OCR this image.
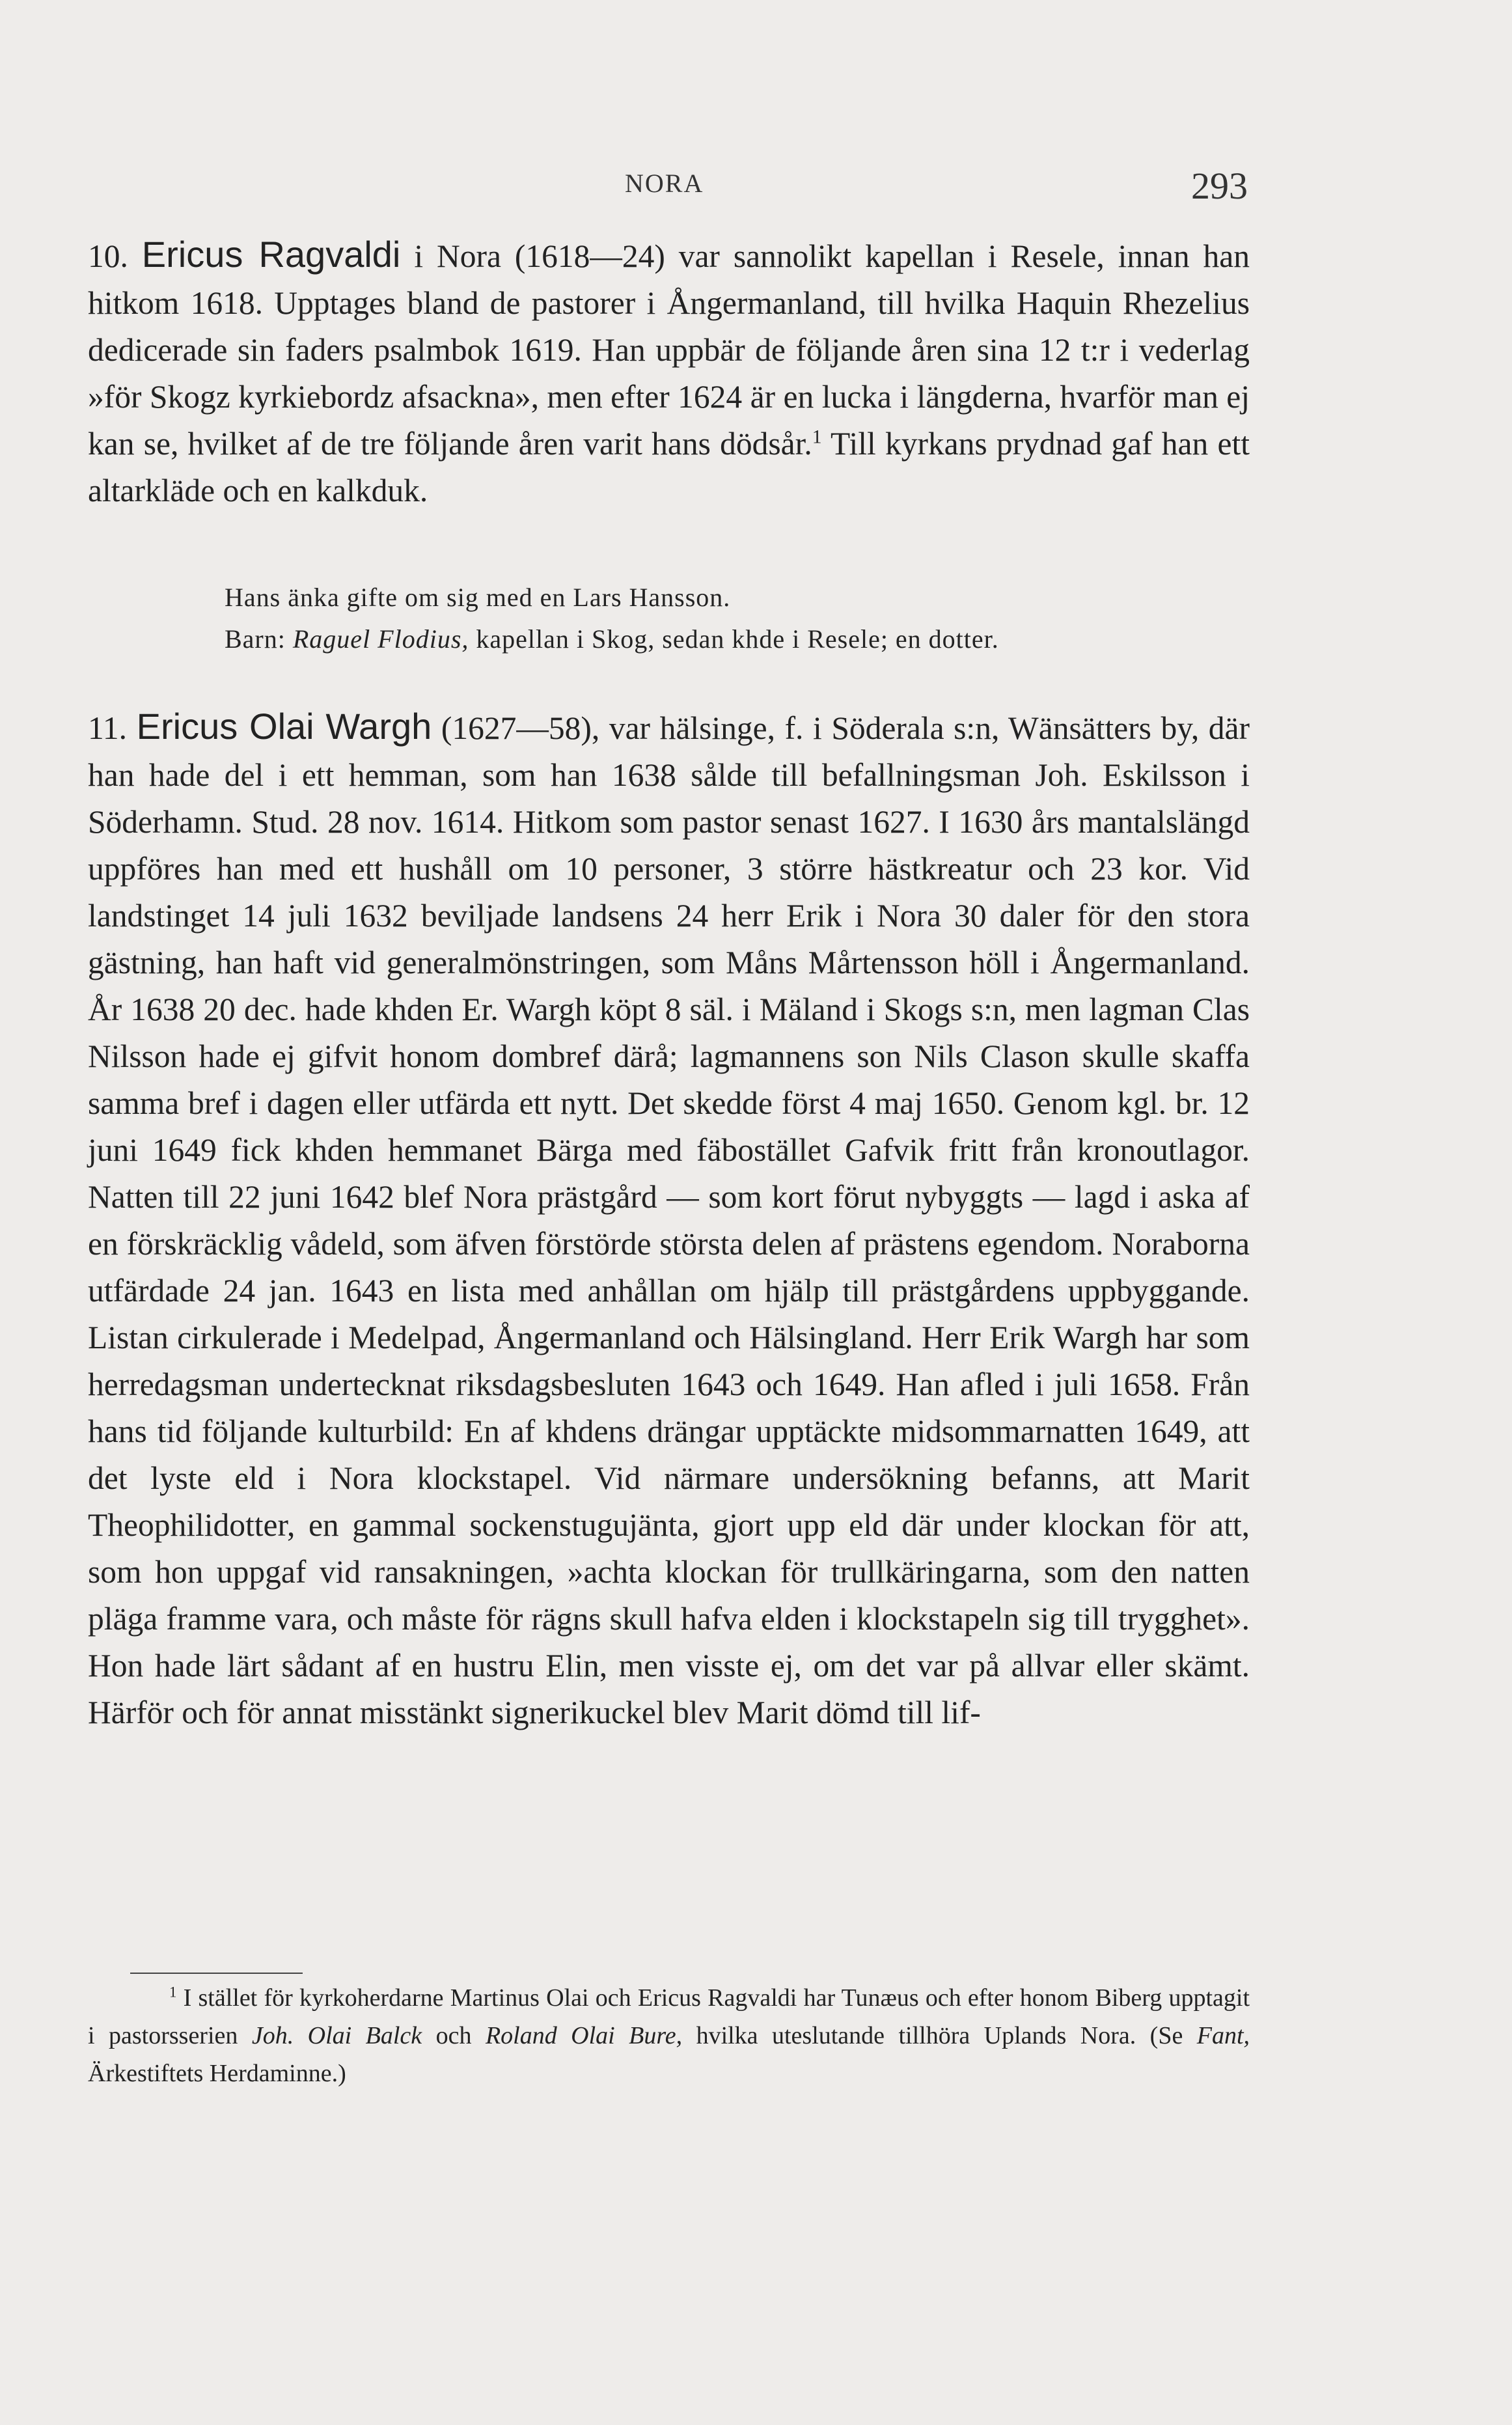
NORA	293

10. Ericus Ragvaldi i Nora (1618—24) var sannolikt kapellan i Resele, innan han hitkom 1618. Upptages bland de pastorer i Ångermanland, till hvilka Haquin Rhezelius dedicerade sin faders psalmbok 1619. Han uppbär de följande åren sina 12 t:r i vederlag »för Skogz kyrkiebordz afsackna», men efter 1624 är en lucka i längderna, hvarför man ej kan se, hvilket af de tre följande åren varit hans dödsår.$^1$ Till kyrkans prydnad gaf han ett altarkläde och en kalkduk.

Hans änka gifte om sig med en Lars Hansson.
Barn: Raguel Flodius, kapellan i Skog, sedan khde i Resele; en dotter.

11. Ericus Olai Wargh (1627—58), var hälsinge, f. i Söderala s:n, Wänsätters by, där han hade del i ett hemman, som han 1638 sålde till befallningsman Joh. Eskilsson i Söderhamn. Stud. 28 nov. 1614. Hitkom som pastor senast 1627. I 1630 års mantalslängd uppföres han med ett hushåll om 10 personer, 3 större hästkreatur och 23 kor. Vid landstinget 14 juli 1632 beviljade landsens 24 herr Erik i Nora 30 daler för den stora gästning, han haft vid generalmönstringen, som Måns Mårtensson höll i Ångermanland. År 1638 20 dec. hade khden Er. Wargh köpt 8 säl. i Mäland i Skogs s:n, men lagman Clas Nilsson hade ej gifvit honom dombref därå; lagmannens son Nils Clason skulle skaffa samma bref i dagen eller utfärda ett nytt. Det skedde först 4 maj 1650. Genom kgl. br. 12 juni 1649 fick khden hemmanet Bärga med fäbostället Gafvik fritt från kronoutlagor. Natten till 22 juni 1642 blef Nora prästgård — som kort förut nybyggts — lagd i aska af en förskräcklig vådeld, som äfven förstörde största delen af prästens egendom. Noraborna utfärdade 24 jan. 1643 en lista med anhållan om hjälp till prästgårdens uppbyggande. Listan cirkulerade i Medelpad, Ångermanland och Hälsingland. Herr Erik Wargh har som herredagsman undertecknat riksdagsbesluten 1643 och 1649. Han afled i juli 1658. Från hans tid följande kulturbild: En af khdens drängar upptäckte midsommarnatten 1649, att det lyste eld i Nora klockstapel. Vid närmare undersökning befanns, att Marit Theophilidotter, en gammal sockenstugujänta, gjort upp eld där under klockan för att, som hon uppgaf vid ransakningen, »achta klockan för trullkäringarna, som den natten pläga framme vara, och måste för rägns skull hafva elden i klockstapeln sig till trygghet». Hon hade lärt sådant af en hustru Elin, men visste ej, om det var på allvar eller skämt. Härför och för annat misstänkt signerikuckel blev Marit dömd till lif-

$^1$ I stället för kyrkoherdarne Martinus Olai och Ericus Ragvaldi har Tunæus och efter honom Biberg upptagit i pastorsserien Joh. Olai Balck och Roland Olai Bure, hvilka uteslutande tillhöra Uplands Nora. (Se Fant, Ärkestiftets Herdaminne.)
